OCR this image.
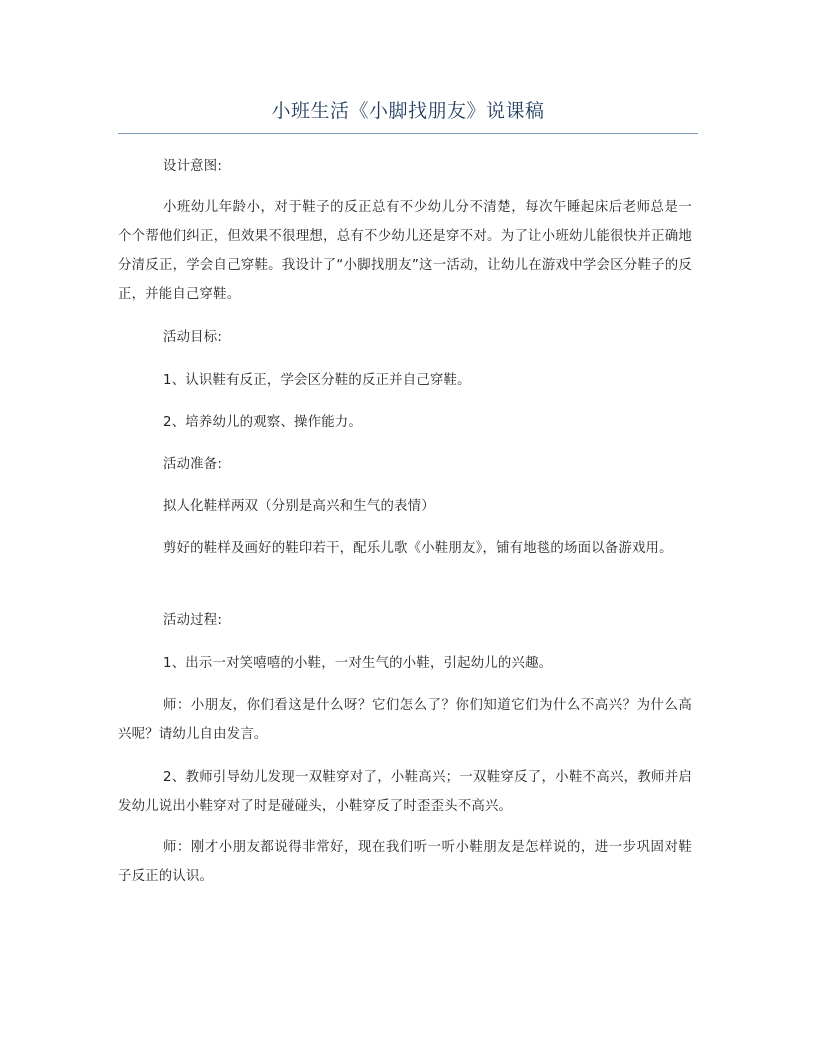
小班生活《小脚找朋友》说课稿

设计意图:

小班幼儿年龄小，对于鞋子的反正总有不少幼儿分不清楚，每次午睡起床后老师总是一个个帮他们纠正，但效果不很理想，总有不少幼儿还是穿不对。为了让小班幼儿能很快并正确地分清反正，学会自己穿鞋。我设计了“小脚找朋友”这一活动，让幼儿在游戏中学会区分鞋子的反正，并能自己穿鞋。

活动目标:

1、认识鞋有反正，学会区分鞋的反正并自己穿鞋。

2、培养幼儿的观察、操作能力。

活动准备:

拟人化鞋样两双（分别是高兴和生气的表情）

剪好的鞋样及画好的鞋印若干，配乐儿歌《小鞋朋友》，铺有地毯的场面以备游戏用。

活动过程:

1、出示一对笑嘻嘻的小鞋，一对生气的小鞋，引起幼儿的兴趣。

师：小朋友，你们看这是什么呀？它们怎么了？你们知道它们为什么不高兴？为什么高兴呢？请幼儿自由发言。

2、教师引导幼儿发现一双鞋穿对了，小鞋高兴；一双鞋穿反了，小鞋不高兴，教师并启发幼儿说出小鞋穿对了时是碰碰头，小鞋穿反了时歪歪头不高兴。

师：刚才小朋友都说得非常好，现在我们听一听小鞋朋友是怎样说的，进一步巩固对鞋子反正的认识。
